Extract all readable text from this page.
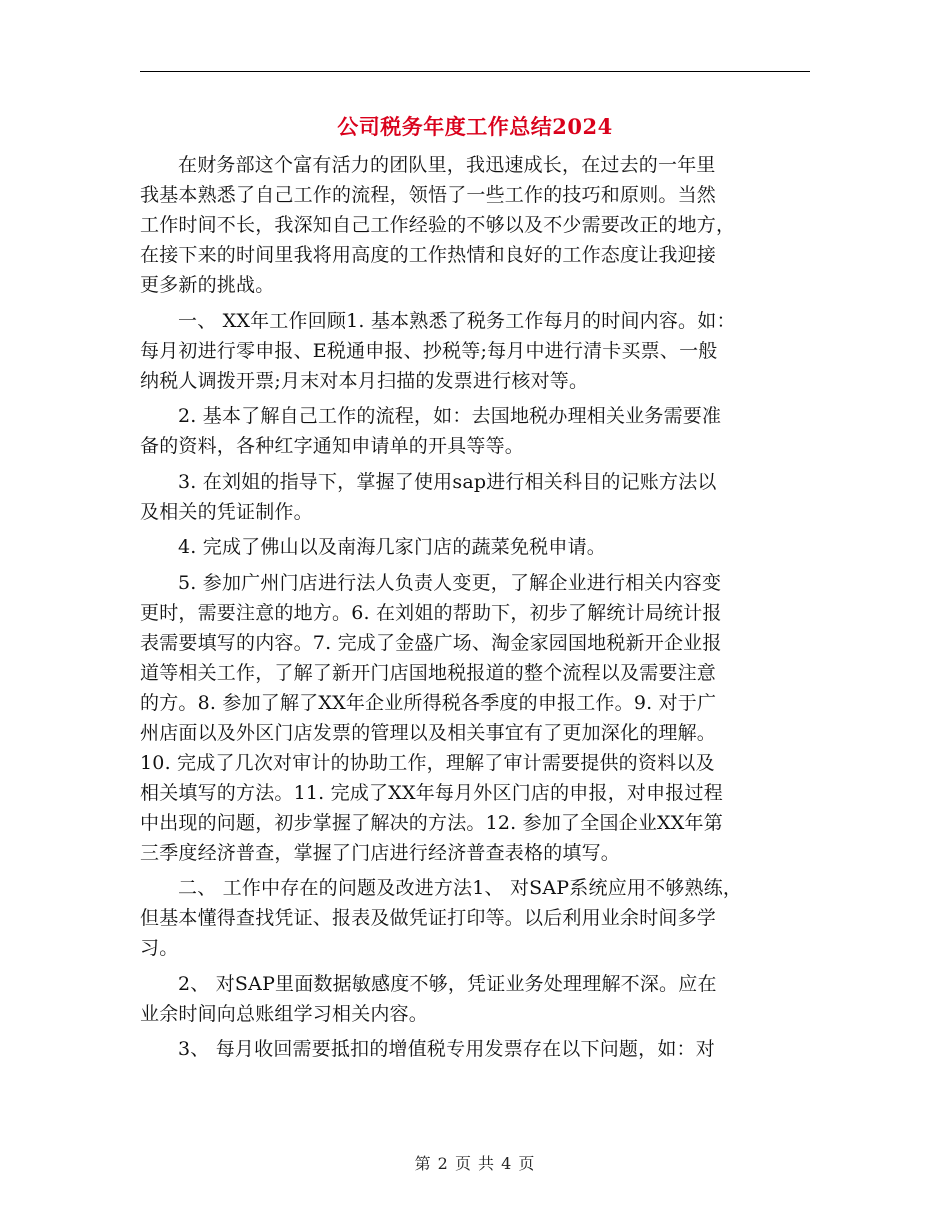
公司税务年度工作总结2024

在财务部这个富有活力的团队里，我迅速成长，在过去的一年里
我基本熟悉了自己工作的流程，领悟了一些工作的技巧和原则。当然
工作时间不长，我深知自己工作经验的不够以及不少需要改正的地方，
在接下来的时间里我将用高度的工作热情和良好的工作态度让我迎接
更多新的挑战。

一、 XX年工作回顾1. 基本熟悉了税务工作每月的时间内容。如：
每月初进行零申报、E税通申报、抄税等;每月中进行清卡买票、一般
纳税人调拨开票;月末对本月扫描的发票进行核对等。

2. 基本了解自己工作的流程，如：去国地税办理相关业务需要准
备的资料，各种红字通知申请单的开具等等。

3. 在刘姐的指导下，掌握了使用sap进行相关科目的记账方法以
及相关的凭证制作。

4. 完成了佛山以及南海几家门店的蔬菜免税申请。

5. 参加广州门店进行法人负责人变更，了解企业进行相关内容变
更时，需要注意的地方。6. 在刘姐的帮助下，初步了解统计局统计报
表需要填写的内容。7. 完成了金盛广场、淘金家园国地税新开企业报
道等相关工作，了解了新开门店国地税报道的整个流程以及需要注意
的方。8. 参加了解了XX年企业所得税各季度的申报工作。9. 对于广
州店面以及外区门店发票的管理以及相关事宜有了更加深化的理解。
10. 完成了几次对审计的协助工作，理解了审计需要提供的资料以及
相关填写的方法。11. 完成了XX年每月外区门店的申报，对申报过程
中出现的问题，初步掌握了解决的方法。12. 参加了全国企业XX年第
三季度经济普查，掌握了门店进行经济普查表格的填写。

二、 工作中存在的问题及改进方法1、 对SAP系统应用不够熟练，
但基本懂得查找凭证、报表及做凭证打印等。以后利用业余时间多学
习。

2、 对SAP里面数据敏感度不够，凭证业务处理理解不深。应在
业余时间向总账组学习相关内容。

3、 每月收回需要抵扣的增值税专用发票存在以下问题，如：对

第 2 页 共 4 页
